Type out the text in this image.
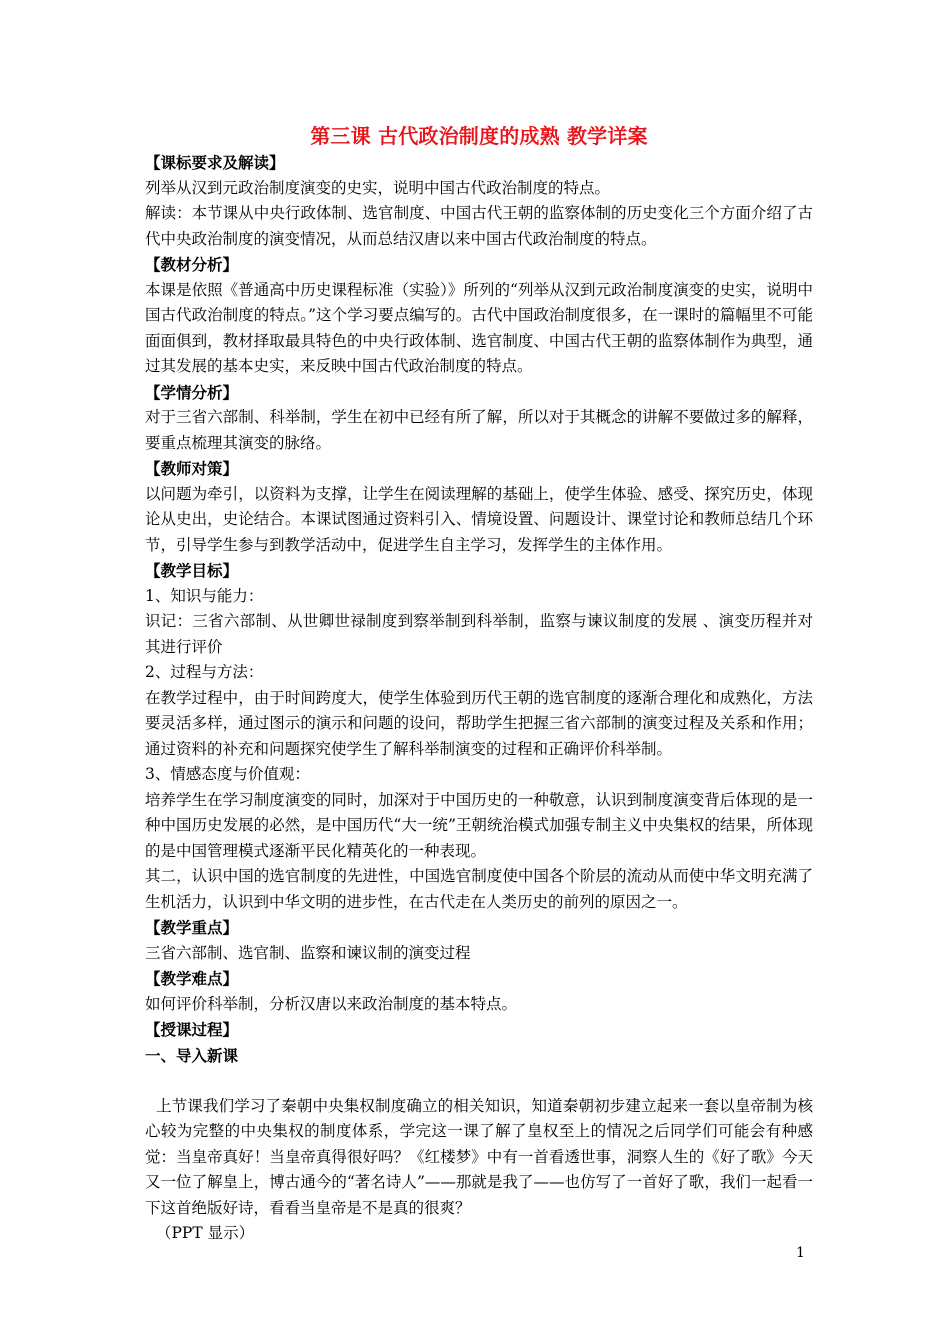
第三课 古代政治制度的成熟 教学详案

【课标要求及解读】

列举从汉到元政治制度演变的史实，说明中国古代政治制度的特点。

解读：本节课从中央行政体制、选官制度、中国古代王朝的监察体制的历史变化三个方面介绍了古代中央政治制度的演变情况，从而总结汉唐以来中国古代政治制度的特点。

【教材分析】

本课是依照《普通高中历史课程标准（实验）》所列的“列举从汉到元政治制度演变的史实，说明中国古代政治制度的特点。”这个学习要点编写的。古代中国政治制度很多，在一课时的篇幅里不可能面面俱到，教材择取最具特色的中央行政体制、选官制度、中国古代王朝的监察体制作为典型，通过其发展的基本史实，来反映中国古代政治制度的特点。

【学情分析】

对于三省六部制、科举制，学生在初中已经有所了解，所以对于其概念的讲解不要做过多的解释，要重点梳理其演变的脉络。

【教师对策】

以问题为牵引，以资料为支撑，让学生在阅读理解的基础上，使学生体验、感受、探究历史，体现论从史出，史论结合。本课试图通过资料引入、情境设置、问题设计、课堂讨论和教师总结几个环节，引导学生参与到教学活动中，促进学生自主学习，发挥学生的主体作用。

【教学目标】

1、知识与能力：

识记：三省六部制、从世卿世禄制度到察举制到科举制，监察与谏议制度的发展 、演变历程并对其进行评价

2、过程与方法：

在教学过程中，由于时间跨度大，使学生体验到历代王朝的选官制度的逐渐合理化和成熟化，方法要灵活多样，通过图示的演示和问题的设问，帮助学生把握三省六部制的演变过程及关系和作用；通过资料的补充和问题探究使学生了解科举制演变的过程和正确评价科举制。

3、情感态度与价值观：

培养学生在学习制度演变的同时，加深对于中国历史的一种敬意，认识到制度演变背后体现的是一种中国历史发展的必然，是中国历代“大一统”王朝统治模式加强专制主义中央集权的结果，所体现的是中国管理模式逐渐平民化精英化的一种表现。

其二，认识中国的选官制度的先进性，中国选官制度使中国各个阶层的流动从而使中华文明充满了生机活力，认识到中华文明的进步性，在古代走在人类历史的前列的原因之一。

【教学重点】

三省六部制、选官制、监察和谏议制的演变过程

【教学难点】

如何评价科举制，分析汉唐以来政治制度的基本特点。

【授课过程】

一、导入新课

上节课我们学习了秦朝中央集权制度确立的相关知识，知道秦朝初步建立起来一套以皇帝制为核心较为完整的中央集权的制度体系，学完这一课了解了皇权至上的情况之后同学们可能会有种感觉：当皇帝真好！当皇帝真得很好吗？《红楼梦》中有一首看透世事，洞察人生的《好了歌》今天又一位了解皇上，博古通今的“著名诗人”——那就是我了——也仿写了一首好了歌，我们一起看一下这首绝版好诗，看看当皇帝是不是真的很爽？

（PPT 显示）

1
